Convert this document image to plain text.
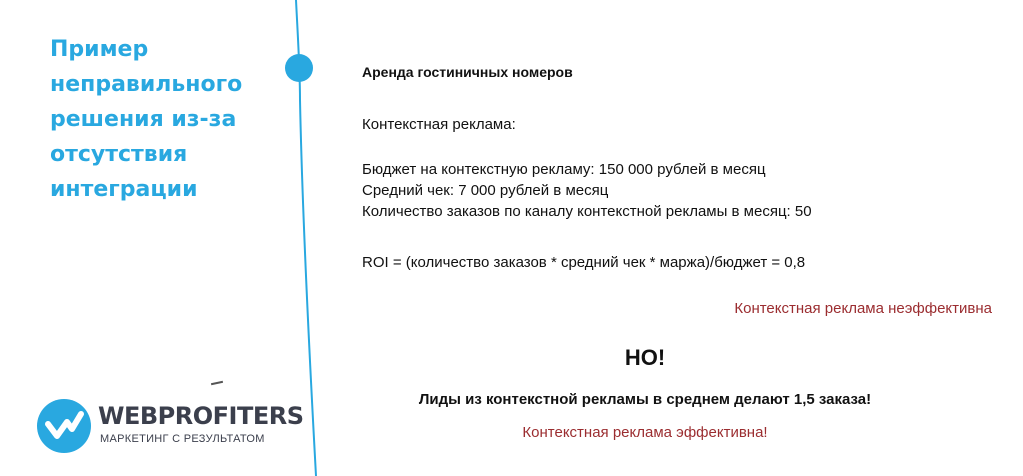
Пример неправильного решения из-за отсутствия интеграции
Аренда гостиничных номеров
Контекстная реклама:
Бюджет на контекстную рекламу: 150 000 рублей в месяц
Средний чек: 7 000 рублей в месяц
Количество заказов по каналу контекстной рекламы в месяц: 50
ROI = (количество заказов * средний чек * маржа)/бюджет = 0,8
Контекстная реклама неэффективна
НО!
Лиды из контекстной рекламы в среднем делают 1,5 заказа!
Контекстная реклама эффективна!
WEBPROFITERS
МАРКЕТИНГ С РЕЗУЛЬТАТОМ
